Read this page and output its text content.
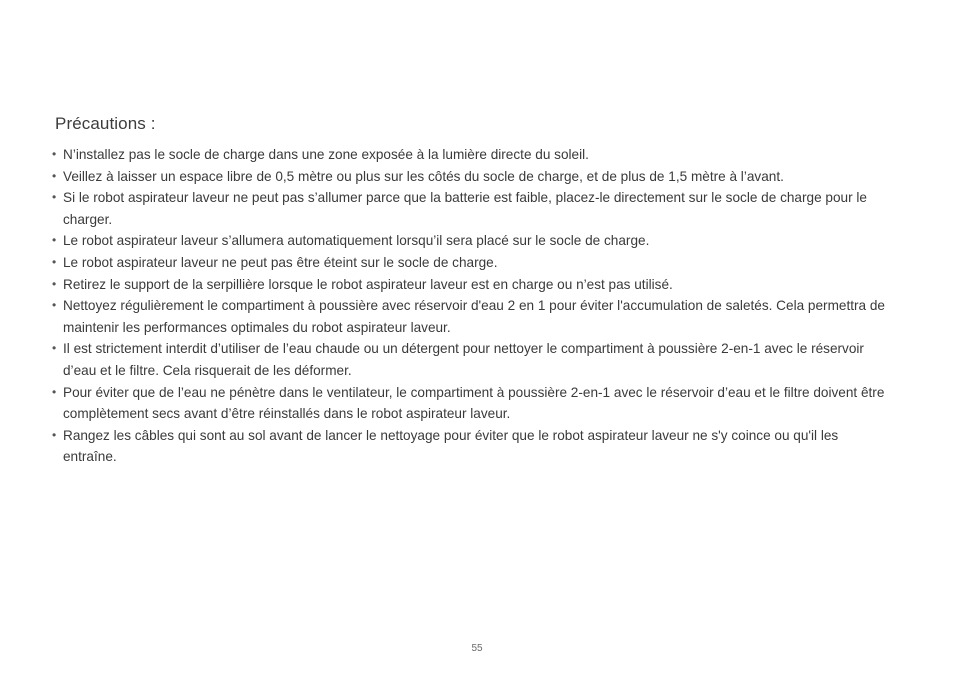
Précautions :
• N’installez pas le socle de charge dans une zone exposée à la lumière directe du soleil.
• Veillez à laisser un espace libre de 0,5 mètre ou plus sur les côtés du socle de charge, et de plus de 1,5 mètre à l’avant.
• Si le robot aspirateur laveur ne peut pas s’allumer parce que la batterie est faible, placez-le directement sur le socle de charge pour le charger.
• Le robot aspirateur laveur s’allumera automatiquement lorsqu’il sera placé sur le socle de charge.
• Le robot aspirateur laveur ne peut pas être éteint sur le socle de charge.
• Retirez le support de la serpillière lorsque le robot aspirateur laveur est en charge ou n’est pas utilisé.
• Nettoyez régulièrement le compartiment à poussière avec réservoir d'eau 2 en 1 pour éviter l'accumulation de saletés. Cela permettra de maintenir les performances optimales du robot aspirateur laveur.
• Il est strictement interdit d’utiliser de l’eau chaude ou un détergent pour nettoyer le compartiment à poussière 2-en-1 avec le réservoir d’eau et le filtre. Cela risquerait de les déformer.
• Pour éviter que de l’eau ne pénètre dans le ventilateur, le compartiment à poussière 2-en-1 avec le réservoir d’eau et le filtre doivent être complètement secs avant d’être réinstallés dans le robot aspirateur laveur.
• Rangez les câbles qui sont au sol avant de lancer le nettoyage pour éviter que le robot aspirateur laveur ne s'y coince ou qu'il les entraîne.
55
